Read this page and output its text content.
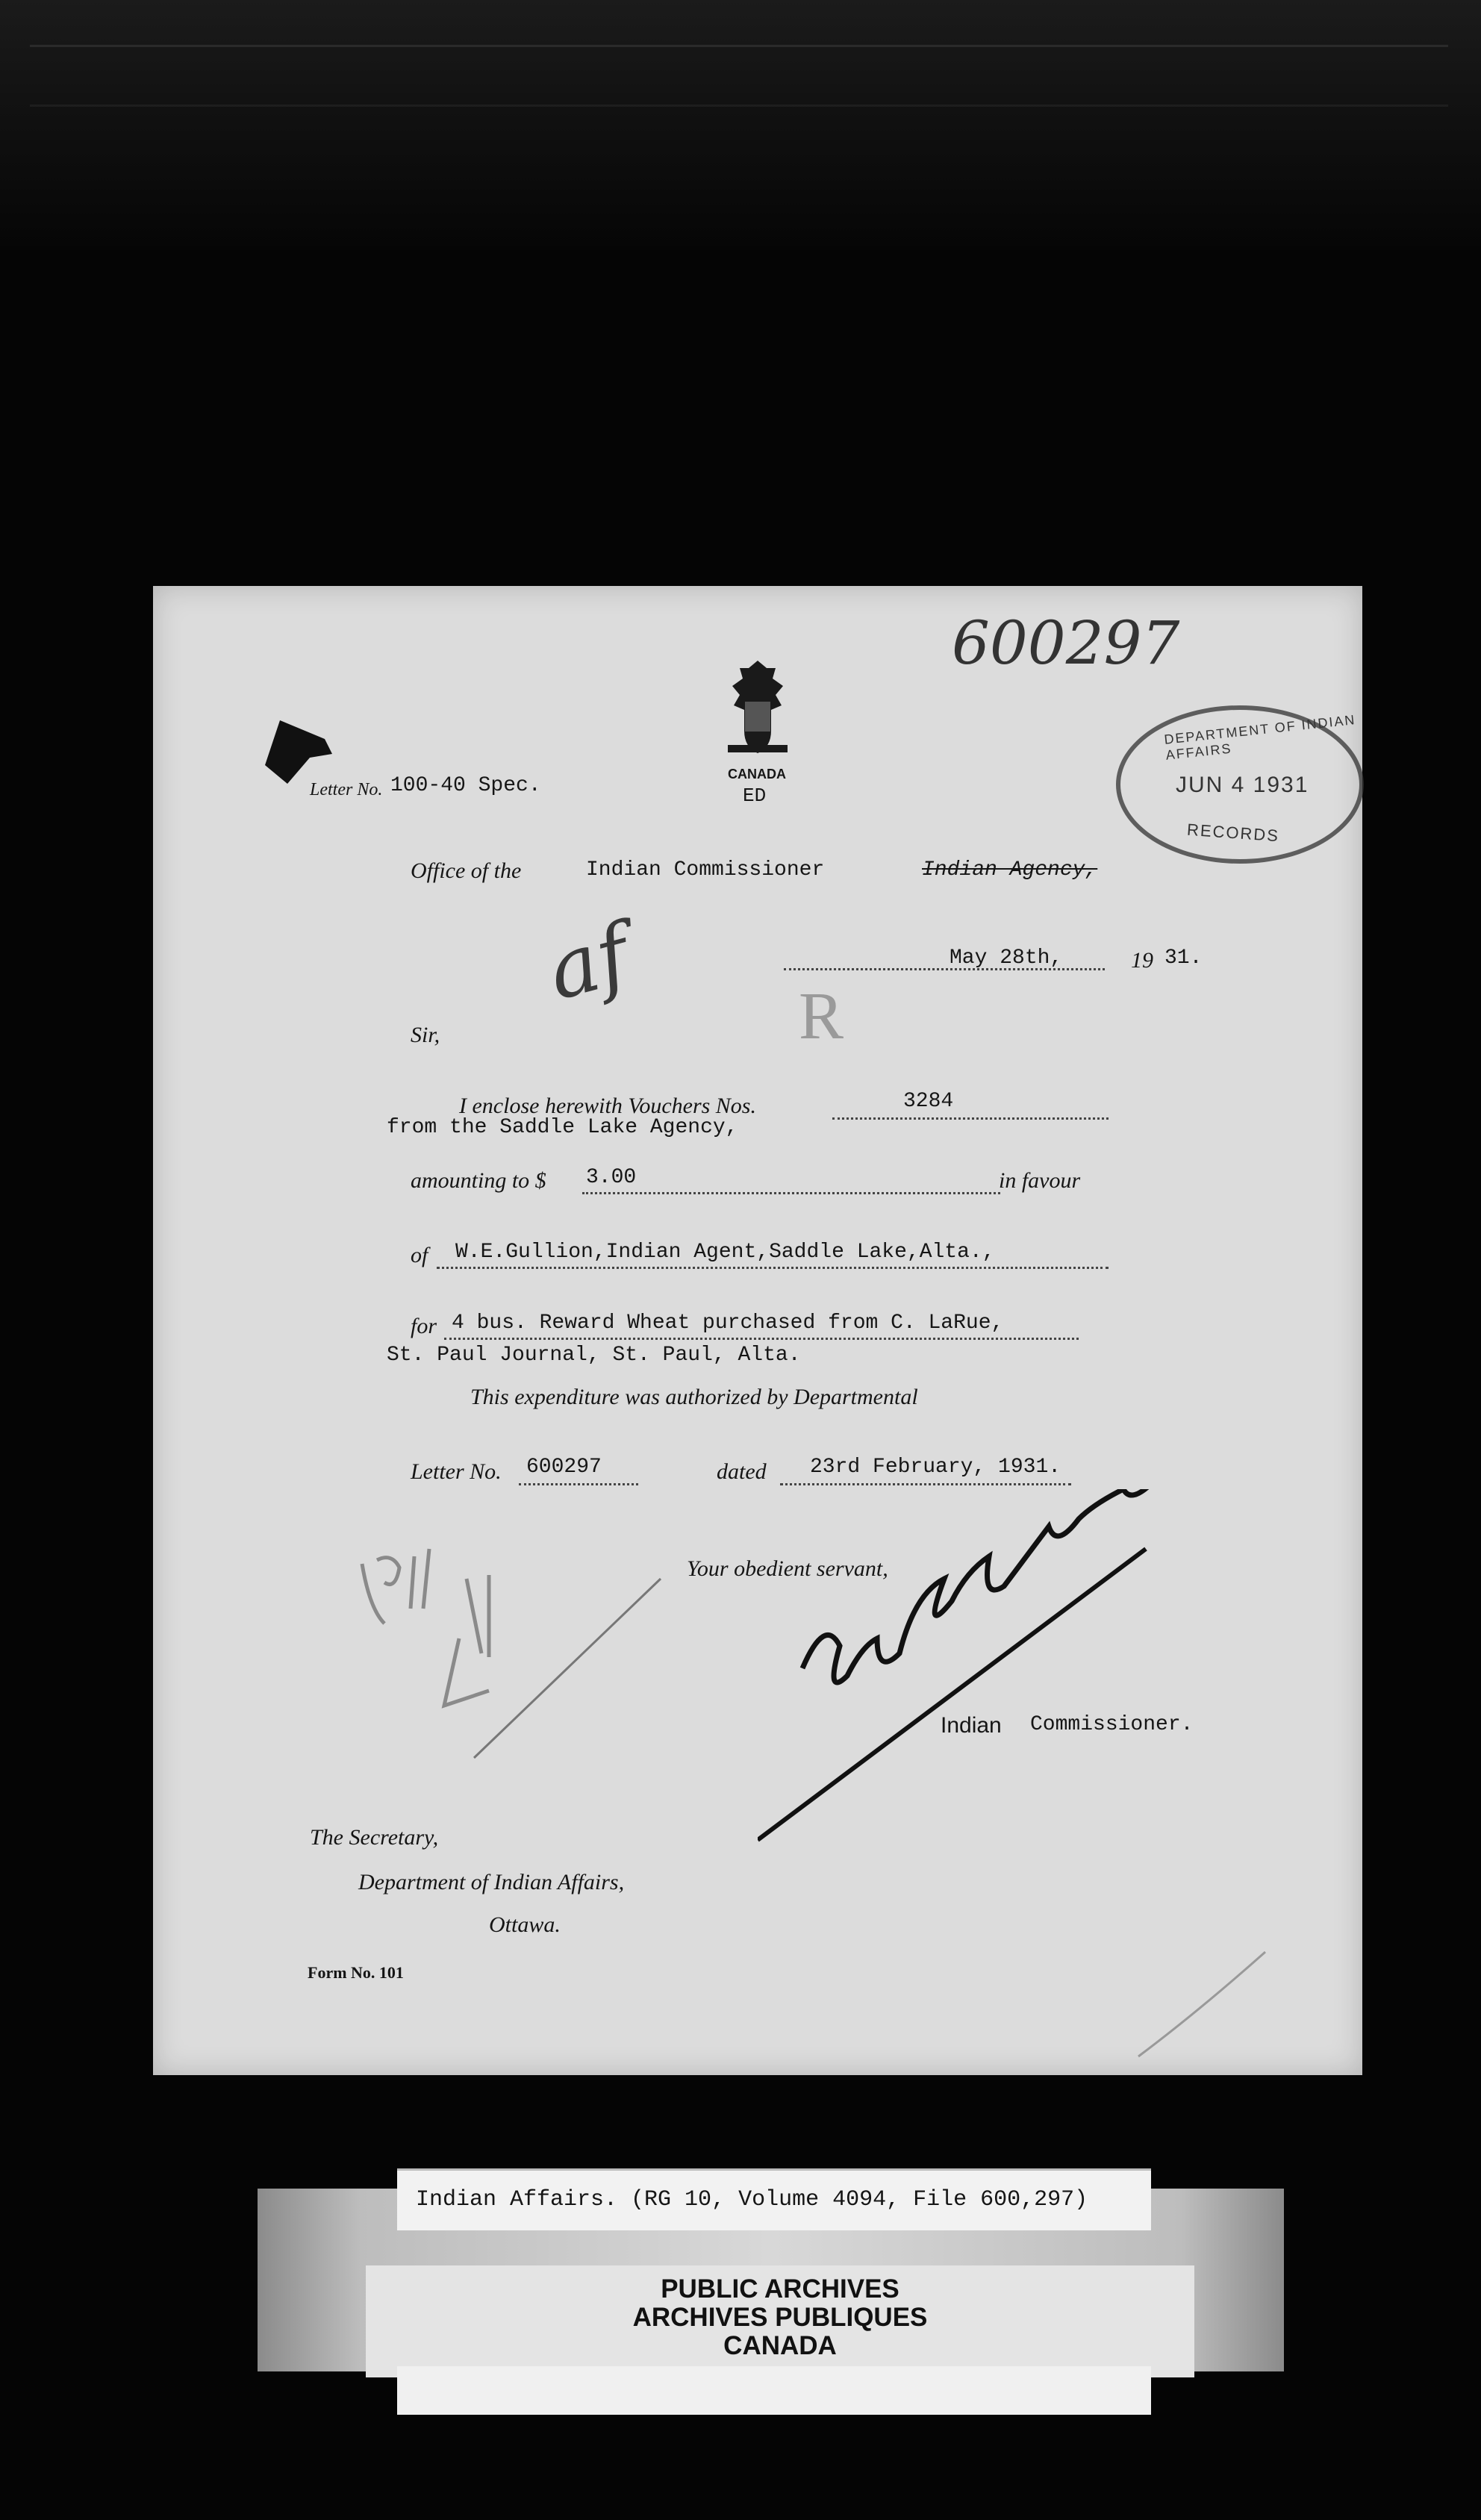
600297
CANADA
ED
DEPARTMENT OF INDIAN AFFAIRS
JUN 4 1931
RECORDS
Letter No. 100-40 Spec.
Office of the	Indian Commissioner	Indian Agency,
May 28th,	19 31.
af R
Sir,
I enclose herewith Vouchers Nos.	3284
from the Saddle Lake Agency,
amounting to $ 3.00	in favour
of W.E.Gullion,Indian Agent,Saddle Lake,Alta.,
for 4 bus. Reward Wheat purchased from C. LaRue,
St. Paul Journal, St. Paul, Alta.
This expenditure was authorized by Departmental
Letter No. 600297	dated 23rd February, 1931.
Your obedient servant,
Indian Commissioner.
The Secretary,
Department of Indian Affairs,
Ottawa.
Form No. 101
Indian Affairs. (RG 10, Volume 4094, File 600,297)
PUBLIC ARCHIVES
ARCHIVES PUBLIQUES
CANADA
